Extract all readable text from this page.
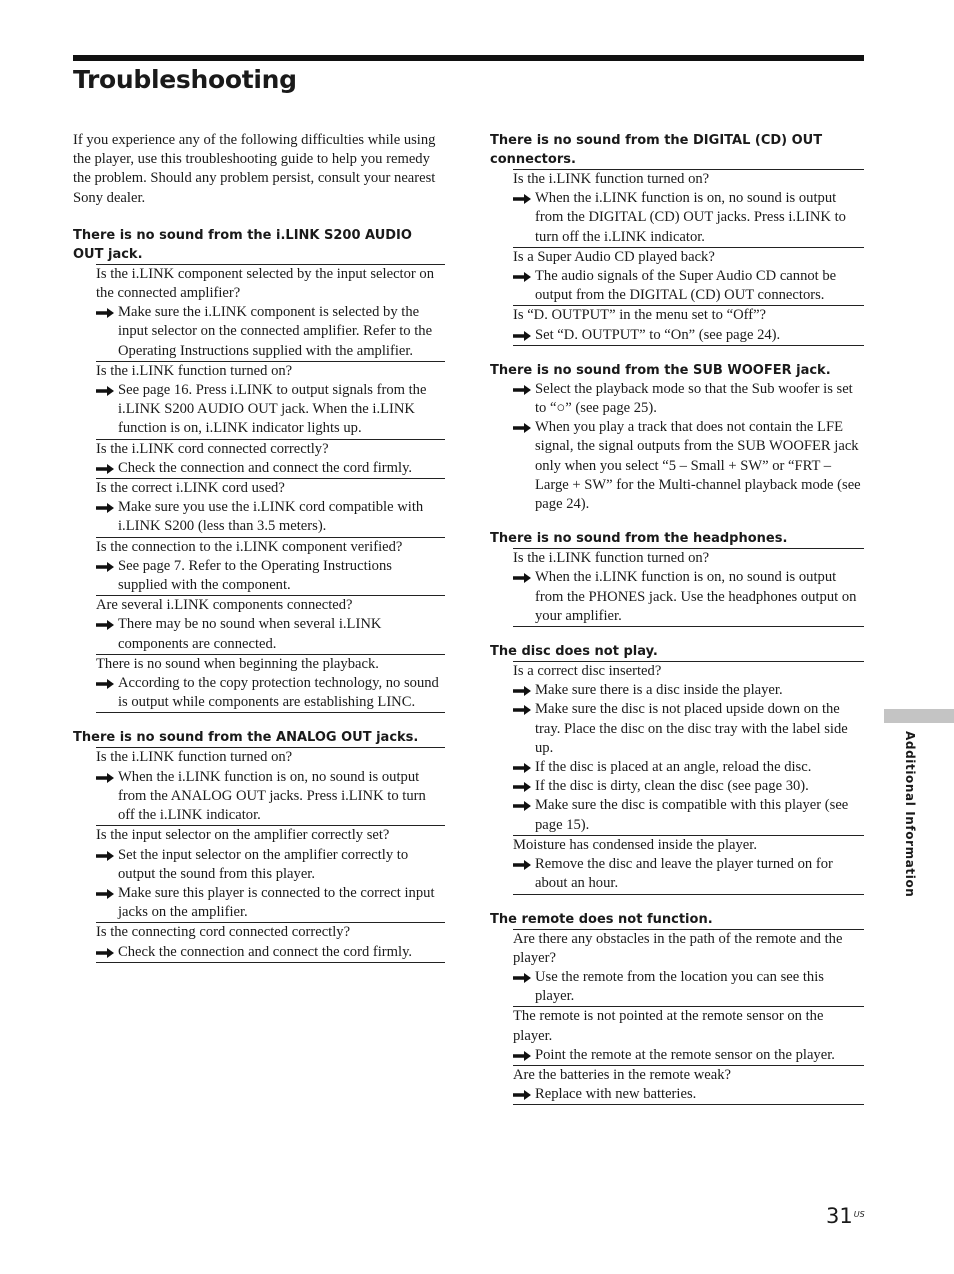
Troubleshooting

If you experience any of the following difficulties while using the player, use this troubleshooting guide to help you remedy the problem. Should any problem persist, consult your nearest Sony dealer.

There is no sound from the i.LINK S200 AUDIO OUT jack.
Is the i.LINK component selected by the input selector on the connected amplifier?
Make sure the i.LINK component is selected by the input selector on the connected amplifier. Refer to the Operating Instructions supplied with the amplifier.
Is the i.LINK function turned on?
See page 16. Press i.LINK to output signals from the i.LINK S200 AUDIO OUT jack. When the i.LINK function is on, i.LINK indicator lights up.
Is the i.LINK cord connected correctly?
Check the connection and connect the cord firmly.
Is the correct i.LINK cord used?
Make sure you use the i.LINK cord compatible with i.LINK S200 (less than 3.5 meters).
Is the connection to the i.LINK component verified?
See page 7. Refer to the Operating Instructions supplied with the component.
Are several i.LINK components connected?
There may be no sound when several i.LINK components are connected.
There is no sound when beginning the playback.
According to the copy protection technology, no sound is output while components are establishing LINC.
There is no sound from the ANALOG OUT jacks.
Is the i.LINK function turned on?
When the i.LINK function is on, no sound is output from the ANALOG OUT jacks. Press i.LINK to turn off the i.LINK indicator.
Is the input selector on the amplifier correctly set?
Set the input selector on the amplifier correctly to output the sound from this player.
Make sure this player is connected to the correct input jacks on the amplifier.
Is the connecting cord connected correctly?
Check the connection and connect the cord firmly.
There is no sound from the DIGITAL (CD) OUT connectors.
Is the i.LINK function turned on?
When the i.LINK function is on, no sound is output from the DIGITAL (CD) OUT jacks. Press i.LINK to turn off the i.LINK indicator.
Is a Super Audio CD played back?
The audio signals of the Super Audio CD cannot be output from the DIGITAL (CD) OUT connectors.
Is “D. OUTPUT” in the menu set to “Off”?
Set “D. OUTPUT” to “On” (see page 24).
There is no sound from the SUB WOOFER jack.
Select the playback mode so that the Sub woofer is set to “○” (see page 25).
When you play a track that does not contain the LFE signal, the signal outputs from the SUB WOOFER jack only when you select “5 – Small + SW” or “FRT – Large + SW” for the Multi-channel playback mode (see page 24).
There is no sound from the headphones.
Is the i.LINK function turned on?
When the i.LINK function is on, no sound is output from the PHONES jack. Use the headphones output on your amplifier.
The disc does not play.
Is a correct disc inserted?
Make sure there is a disc inside the player.
Make sure the disc is not placed upside down on the tray. Place the disc on the disc tray with the label side up.
If the disc is placed at an angle, reload the disc.
If the disc is dirty, clean the disc (see page 30).
Make sure the disc is compatible with this player (see page 15).
Moisture has condensed inside the player.
Remove the disc and leave the player turned on for about an hour.
The remote does not function.
Are there any obstacles in the path of the remote and the player?
Use the remote from the location you can see this player.
The remote is not pointed at the remote sensor on the player.
Point the remote at the remote sensor on the player.
Are the batteries in the remote weak?
Replace with new batteries.
Additional Information
$31^{US}$
